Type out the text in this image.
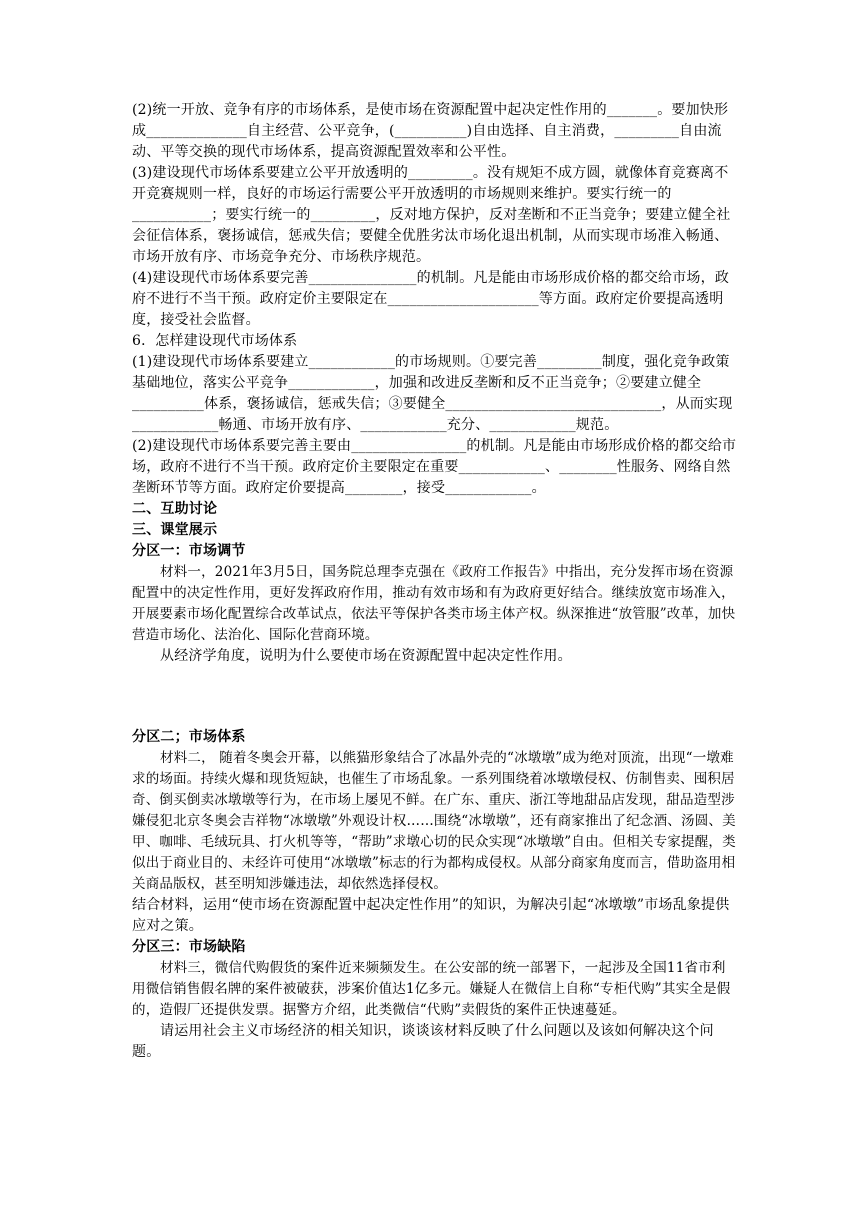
(2)统一开放、竞争有序的市场体系，是使市场在资源配置中起决定性作用的_______。要加快形成______________自主经营、公平竞争，(__________)自由选择、自主消费，_________自由流动、平等交换的现代市场体系，提高资源配置效率和公平性。

(3)建设现代市场体系要建立公平开放透明的_________。没有规矩不成方圆，就像体育竞赛离不开竞赛规则一样，良好的市场运行需要公平开放透明的市场规则来维护。要实行统一的___________；要实行统一的_________，反对地方保护，反对垄断和不正当竞争；要建立健全社会征信体系，褒扬诚信，惩戒失信；要健全优胜劣汰市场化退出机制，从而实现市场准入畅通、市场开放有序、市场竞争充分、市场秩序规范。

(4)建设现代市场体系要完善_______________的机制。凡是能由市场形成价格的都交给市场，政府不进行不当干预。政府定价主要限定在_____________________等方面。政府定价要提高透明度，接受社会监督。

6．怎样建设现代市场体系

(1)建设现代市场体系要建立____________的市场规则。①要完善_________制度，强化竞争政策基础地位，落实公平竞争____________，加强和改进反垄断和反不正当竞争；②要建立健全__________体系，褒扬诚信，惩戒失信；③要健全______________________________，从而实现____________畅通、市场开放有序、____________充分、____________规范。

(2)建设现代市场体系要完善主要由________________的机制。凡是能由市场形成价格的都交给市场，政府不进行不当干预。政府定价主要限定在重要____________、________性服务、网络自然垄断环节等方面。政府定价要提高________，接受____________。

二、互助讨论

三、课堂展示

分区一：市场调节

材料一，2021年3月5日，国务院总理李克强在《政府工作报告》中指出，充分发挥市场在资源配置中的决定性作用，更好发挥政府作用，推动有效市场和有为政府更好结合。继续放宽市场准入，开展要素市场化配置综合改革试点，依法平等保护各类市场主体产权。纵深推进“放管服”改革，加快营造市场化、法治化、国际化营商环境。

从经济学角度，说明为什么要使市场在资源配置中起决定性作用。

分区二；市场体系

材料二， 随着冬奥会开幕，以熊猫形象结合了冰晶外壳的“冰墩墩”成为绝对顶流，出现“一墩难求的场面。持续火爆和现货短缺，也催生了市场乱象。一系列围绕着冰墩墩侵权、仿制售卖、囤积居奇、倒买倒卖冰墩墩等行为，在市场上屡见不鲜。在广东、重庆、浙江等地甜品店发现，甜品造型涉嫌侵犯北京冬奥会吉祥物“冰墩墩”外观设计权……围绕“冰墩墩”，还有商家推出了纪念酒、汤圆、美甲、咖啡、毛绒玩具、打火机等等，“帮助”求墩心切的民众实现“冰墩墩”自由。但相关专家提醒，类似出于商业目的、未经许可使用“冰墩墩”标志的行为都构成侵权。从部分商家角度而言，借助盗用相关商品版权，甚至明知涉嫌违法，却依然选择侵权。

结合材料，运用“使市场在资源配置中起决定性作用”的知识，为解决引起“冰墩墩”市场乱象提供应对之策。

分区三：市场缺陷

材料三，微信代购假货的案件近来频频发生。在公安部的统一部署下，一起涉及全国11省市利用微信销售假名牌的案件被破获，涉案价值达1亿多元。嫌疑人在微信上自称“专柜代购”其实全是假的，造假厂还提供发票。据警方介绍，此类微信“代购”卖假货的案件正快速蔓延。

请运用社会主义市场经济的相关知识，谈谈该材料反映了什么问题以及该如何解决这个问题。
